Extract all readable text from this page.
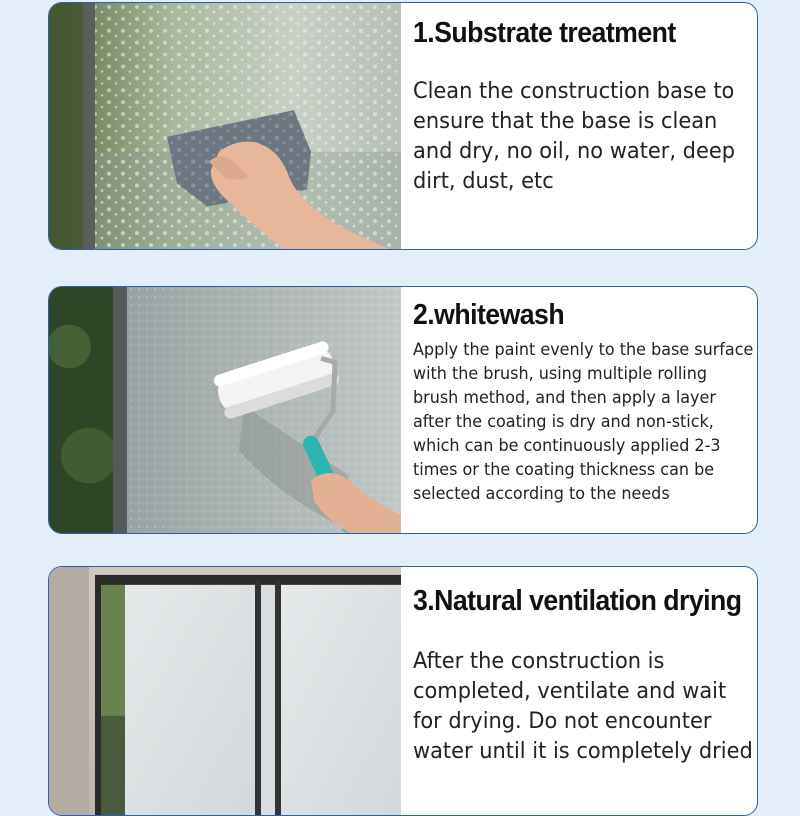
1.Substrate treatment
Clean the construction base to ensure that the base is clean and dry, no oil, no water, deep dirt, dust, etc
2.whitewash
Apply the paint evenly to the base surface with the brush, using multiple rolling brush method, and then apply a layer after the coating is dry and non-stick, which can be continuously applied 2-3 times or the coating thickness can be selected according to the needs
3.Natural ventilation drying
After the construction is completed, ventilate and wait for drying. Do not encounter water until it is completely dried
